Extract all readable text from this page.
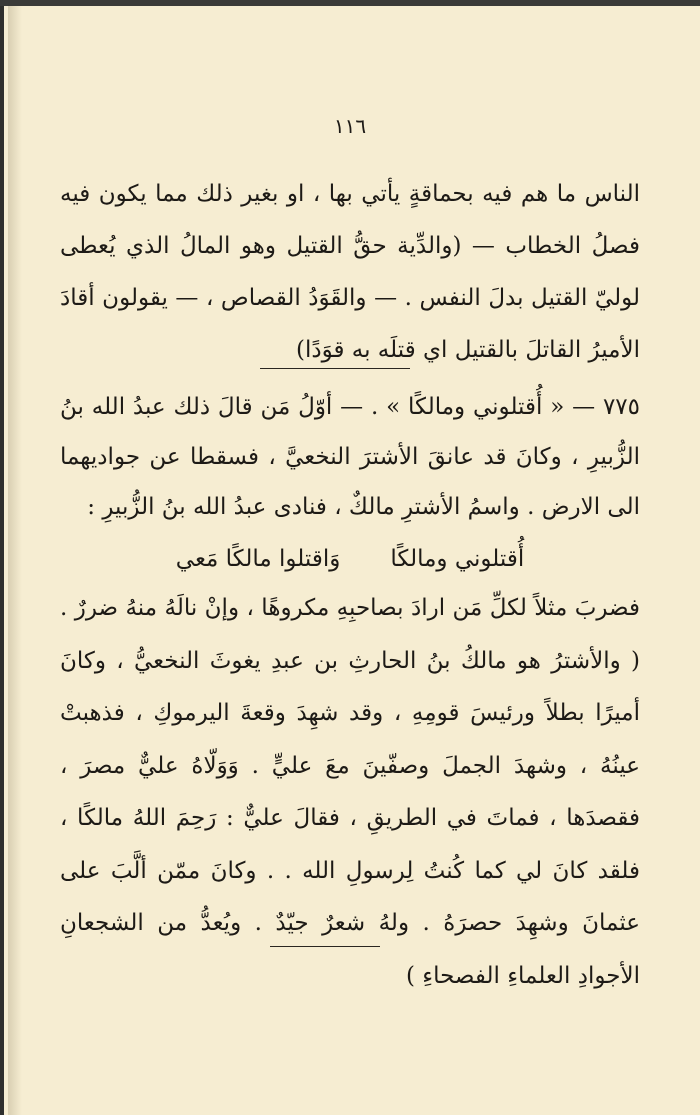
١١٦
الناس ما هم فيه بحماقةٍ يأتي بها ، او بغير ذلك مما يكون فيه فصلُ الخطاب — (والدِّية حقُّ القتيل وهو المالُ الذي يُعطى لوليّ القتيل بدلَ النفس . — والقَوَدُ القصاص ، — يقولون أقادَ الأميرُ القاتلَ بالقتيل اي قتلَه به قوَدًا)
٧٧٥ — « أُقتلوني ومالكًا » . — أوّلُ مَن قالَ ذلك عبدُ الله بنُ الزُّبيرِ ، وكانَ قد عانقَ الأشترَ النخعيَّ ، فسقطا عن جواديهما الى الارض . واسمُ الأشترِ مالكٌ ، فنادى عبدُ الله بنُ الزُّبيرِ :
أُقتلوني ومالكًا
وَاقتلوا مالكًا مَعي
فضربَ مثلاً لكلِّ مَن ارادَ بصاحبِهِ مكروهًا ، وإنْ نالَهُ منهُ ضررٌ . ( والأشترُ هو مالكُ بنُ الحارثِ بن عبدِ يغوثَ النخعيُّ ، وكانَ أميرًا بطلاً ورئيسَ قومِهِ ، وقد شهِدَ وقعةَ اليرموكِ ، فذهبتْ عينُهُ ، وشهدَ الجملَ وصفّينَ معَ عليٍّ . وَوَلّاهُ عليٌّ مصرَ ، فقصدَها ، فماتَ في الطريقِ ، فقالَ عليٌّ : رَحِمَ اللهُ مالكًا ، فلقد كانَ لي كما كُنتُ لِرسولِ الله . . وكانَ ممّن ألَّبَ على عثمانَ وشهِدَ حصرَهُ . ولهُ شعرٌ جيّدٌ . ويُعدُّ من الشجعانِ الأجوادِ العلماءِ الفصحاءِ )
